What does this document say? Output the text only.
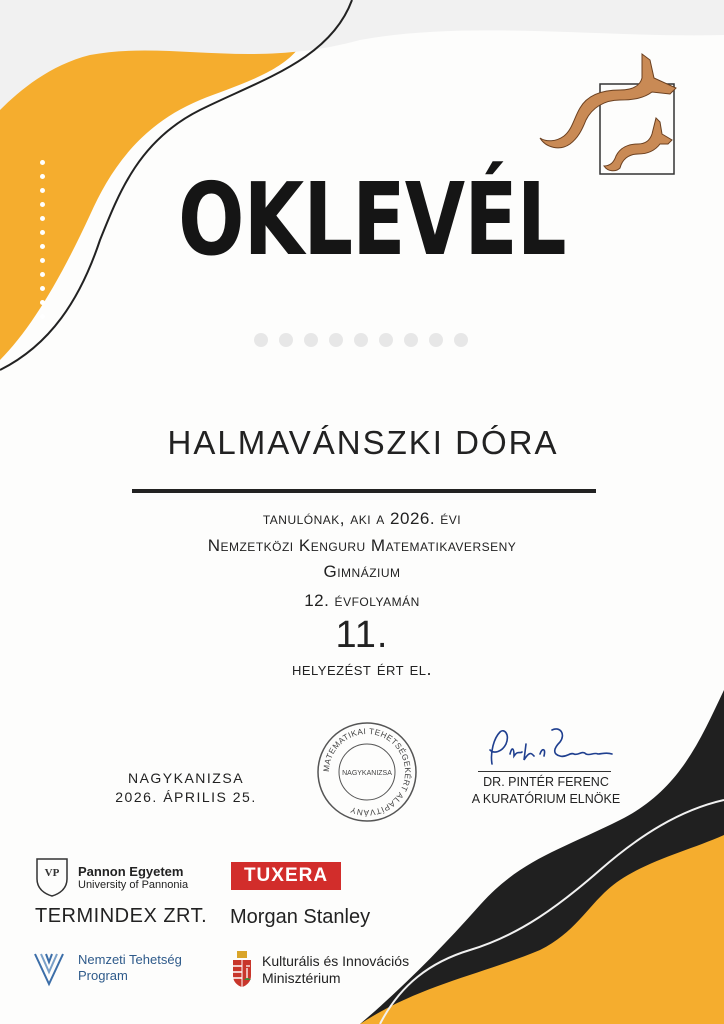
OKLEVÉL
HALMAVÁNSZKI DÓRA
tanulónak, aki a 2026. évi
Nemzetközi Kenguru Matematikaverseny
Gimnázium
12. évfolyamán
11.
helyezést ért el.
NAGYKANIZSA
2026. ÁPRILIS 25.
MATEMATIKAI TEHETSÉGEKÉRT ALAPÍTVÁNY
NAGYKANIZSA
DR. PINTÉR FERENC
A KURATÓRIUM ELNÖKE
VP Pannon Egyetem
University of Pannonia	TUXERA
TERMINDEX ZRT. Morgan Stanley
Nemzeti Tehetség
Program
Kulturális és Innovációs
Minisztérium
